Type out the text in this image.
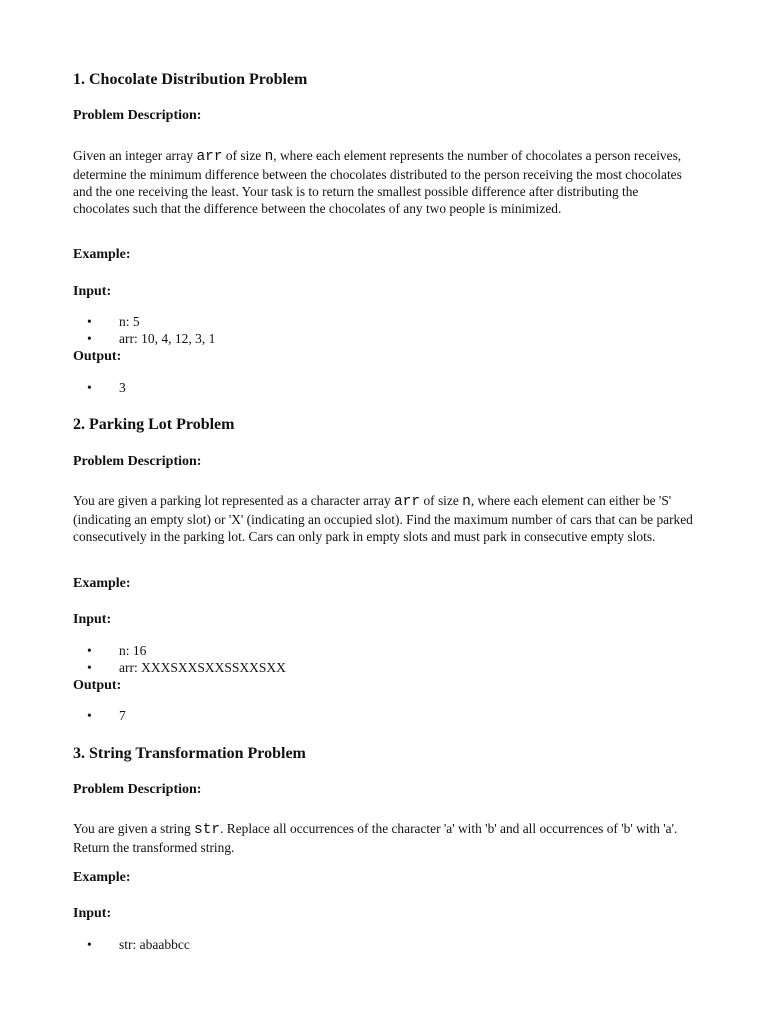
1. Chocolate Distribution Problem
Problem Description:

Given an integer array arr of size n, where each element represents the number of chocolates a person receives, determine the minimum difference between the chocolates distributed to the person receiving the most chocolates and the one receiving the least. Your task is to return the smallest possible difference after distributing the chocolates such that the difference between the chocolates of any two people is minimized.

Example:
Input:
• n: 5
• arr: 10, 4, 12, 3, 1
Output:
• 3
2. Parking Lot Problem
Problem Description:

You are given a parking lot represented as a character array arr of size n, where each element can either be 'S' (indicating an empty slot) or 'X' (indicating an occupied slot). Find the maximum number of cars that can be parked consecutively in the parking lot. Cars can only park in empty slots and must park in consecutive empty slots.

Example:
Input:
• n: 16
• arr: XXXSXXSXXSSXXSXX
Output:
• 7
3. String Transformation Problem
Problem Description:

You are given a string str. Replace all occurrences of the character 'a' with 'b' and all occurrences of 'b' with 'a'. Return the transformed string.

Example:
Input:
• str: abaabbcc
